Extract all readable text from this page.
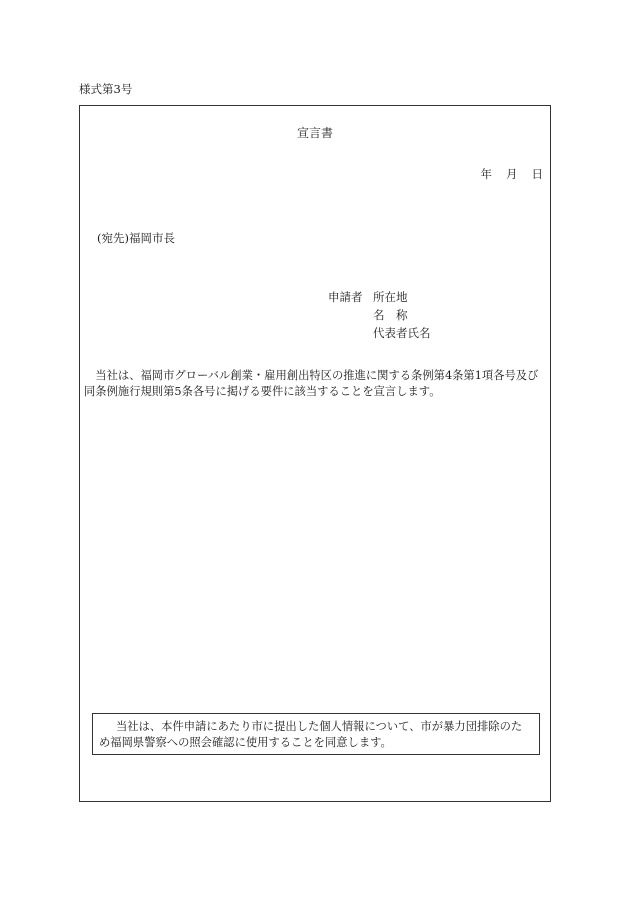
様式第3号
宣言書
年 月 日
(宛先)福岡市長
申請者 所在地
名　称
代表者氏名
当社は、福岡市グローバル創業・雇用創出特区の推進に関する条例第4条第1項各号及び同条例施行規則第5条各号に掲げる要件に該当することを宣言します。
当社は、本件申請にあたり市に提出した個人情報について、市が暴力団排除のため福岡県警察への照会確認に使用することを同意します。
